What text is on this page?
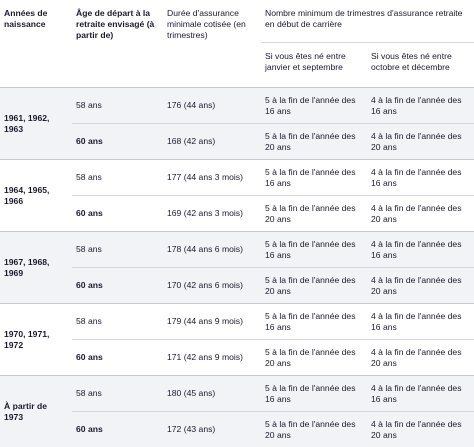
Années de naissance	Âge de départ à la retraite envisagé (à partir de)	Durée d'assurance minimale cotisée (en trimestres)	Nombre minimum de trimestres d'assurance retraite en début de carrière	
			Si vous êtes né entre janvier et septembre	Si vous êtes né entre octobre et décembre
1961, 1962, 1963	58 ans	176 (44 ans)	5 à la fin de l'année des 16 ans	4 à la fin de l'année des 16 ans
	60 ans	168 (42 ans)	5 à la fin de l'année des 20 ans	4 à la fin de l'année des 20 ans
1964, 1965, 1966	58 ans	177 (44 ans 3 mois)	5 à la fin de l'année des 16 ans	4 à la fin de l'année des 16 ans
	60 ans	169 (42 ans 3 mois)	5 à la fin de l'année des 20 ans	4 à la fin de l'année des 20 ans
1967, 1968, 1969	58 ans	178 (44 ans 6 mois)	5 à la fin de l'année des 16 ans	4 à la fin de l'année des 16 ans
	60 ans	170 (42 ans 6 mois)	5 à la fin de l'année des 20 ans	4 à la fin de l'année des 20 ans
1970, 1971, 1972	58 ans	179 (44 ans 9 mois)	5 à la fin de l'année des 16 ans	4 à la fin de l'année des 16 ans
	60 ans	171 (42 ans 9 mois)	5 à la fin de l'année des 20 ans	4 à la fin de l'année des 20 ans
À partir de 1973	58 ans	180 (45 ans)	5 à la fin de l'année des 16 ans	4 à la fin de l'année des 16 ans
	60 ans	172 (43 ans)	5 à la fin de l'année des 20 ans	4 à la fin de l'année des 20 ans
